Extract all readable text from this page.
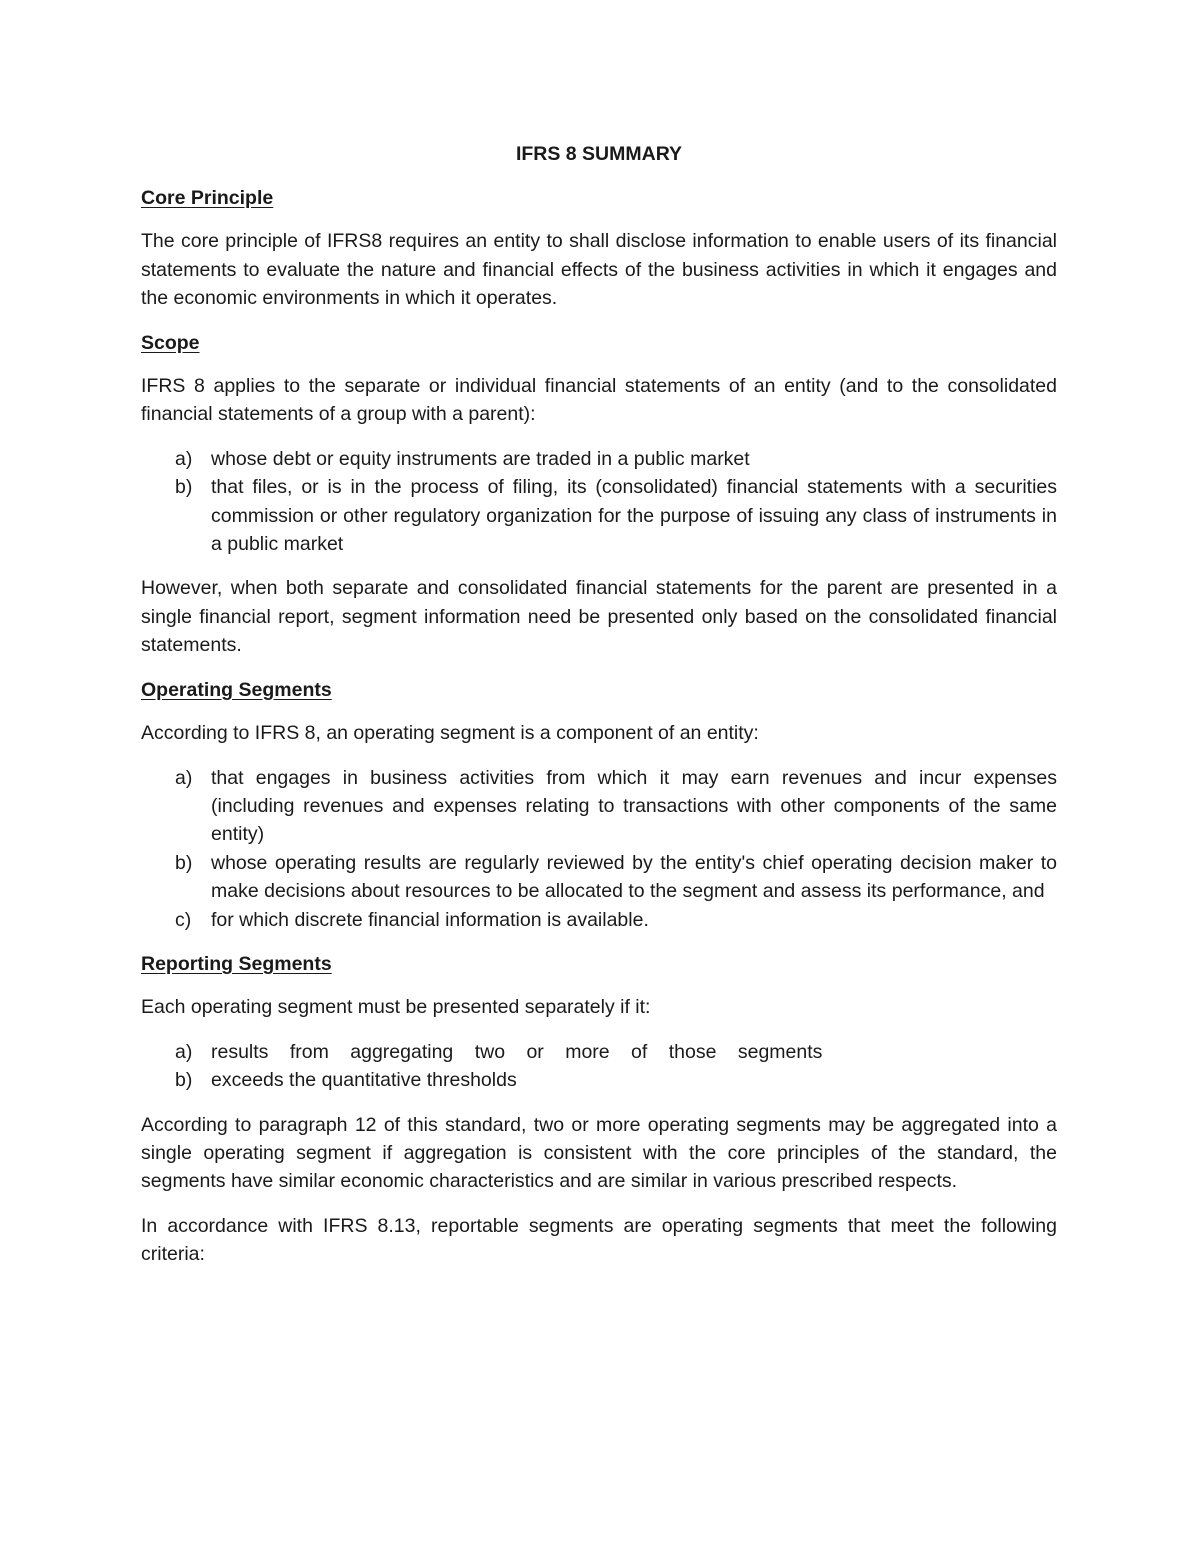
IFRS 8 SUMMARY
Core Principle

The core principle of IFRS8 requires an entity to shall disclose information to enable users of its financial statements to evaluate the nature and financial effects of the business activities in which it engages and the economic environments in which it operates.

Scope

IFRS 8 applies to the separate or individual financial statements of an entity (and to the consolidated financial statements of a group with a parent):

a) whose debt or equity instruments are traded in a public market
b) that files, or is in the process of filing, its (consolidated) financial statements with a securities commission or other regulatory organization for the purpose of issuing any class of instruments in a public market

However, when both separate and consolidated financial statements for the parent are presented in a single financial report, segment information need be presented only based on the consolidated financial statements.

Operating Segments

According to IFRS 8, an operating segment is a component of an entity:

a) that engages in business activities from which it may earn revenues and incur expenses (including revenues and expenses relating to transactions with other components of the same entity)
b) whose operating results are regularly reviewed by the entity's chief operating decision maker to make decisions about resources to be allocated to the segment and assess its performance, and
c) for which discrete financial information is available.
Reporting Segments

Each operating segment must be presented separately if it:

a) results from aggregating two or more of those segments
b) exceeds the quantitative thresholds

According to paragraph 12 of this standard, two or more operating segments may be aggregated into a single operating segment if aggregation is consistent with the core principles of the standard, the segments have similar economic characteristics and are similar in various prescribed respects.

In accordance with IFRS 8.13, reportable segments are operating segments that meet the following criteria:
